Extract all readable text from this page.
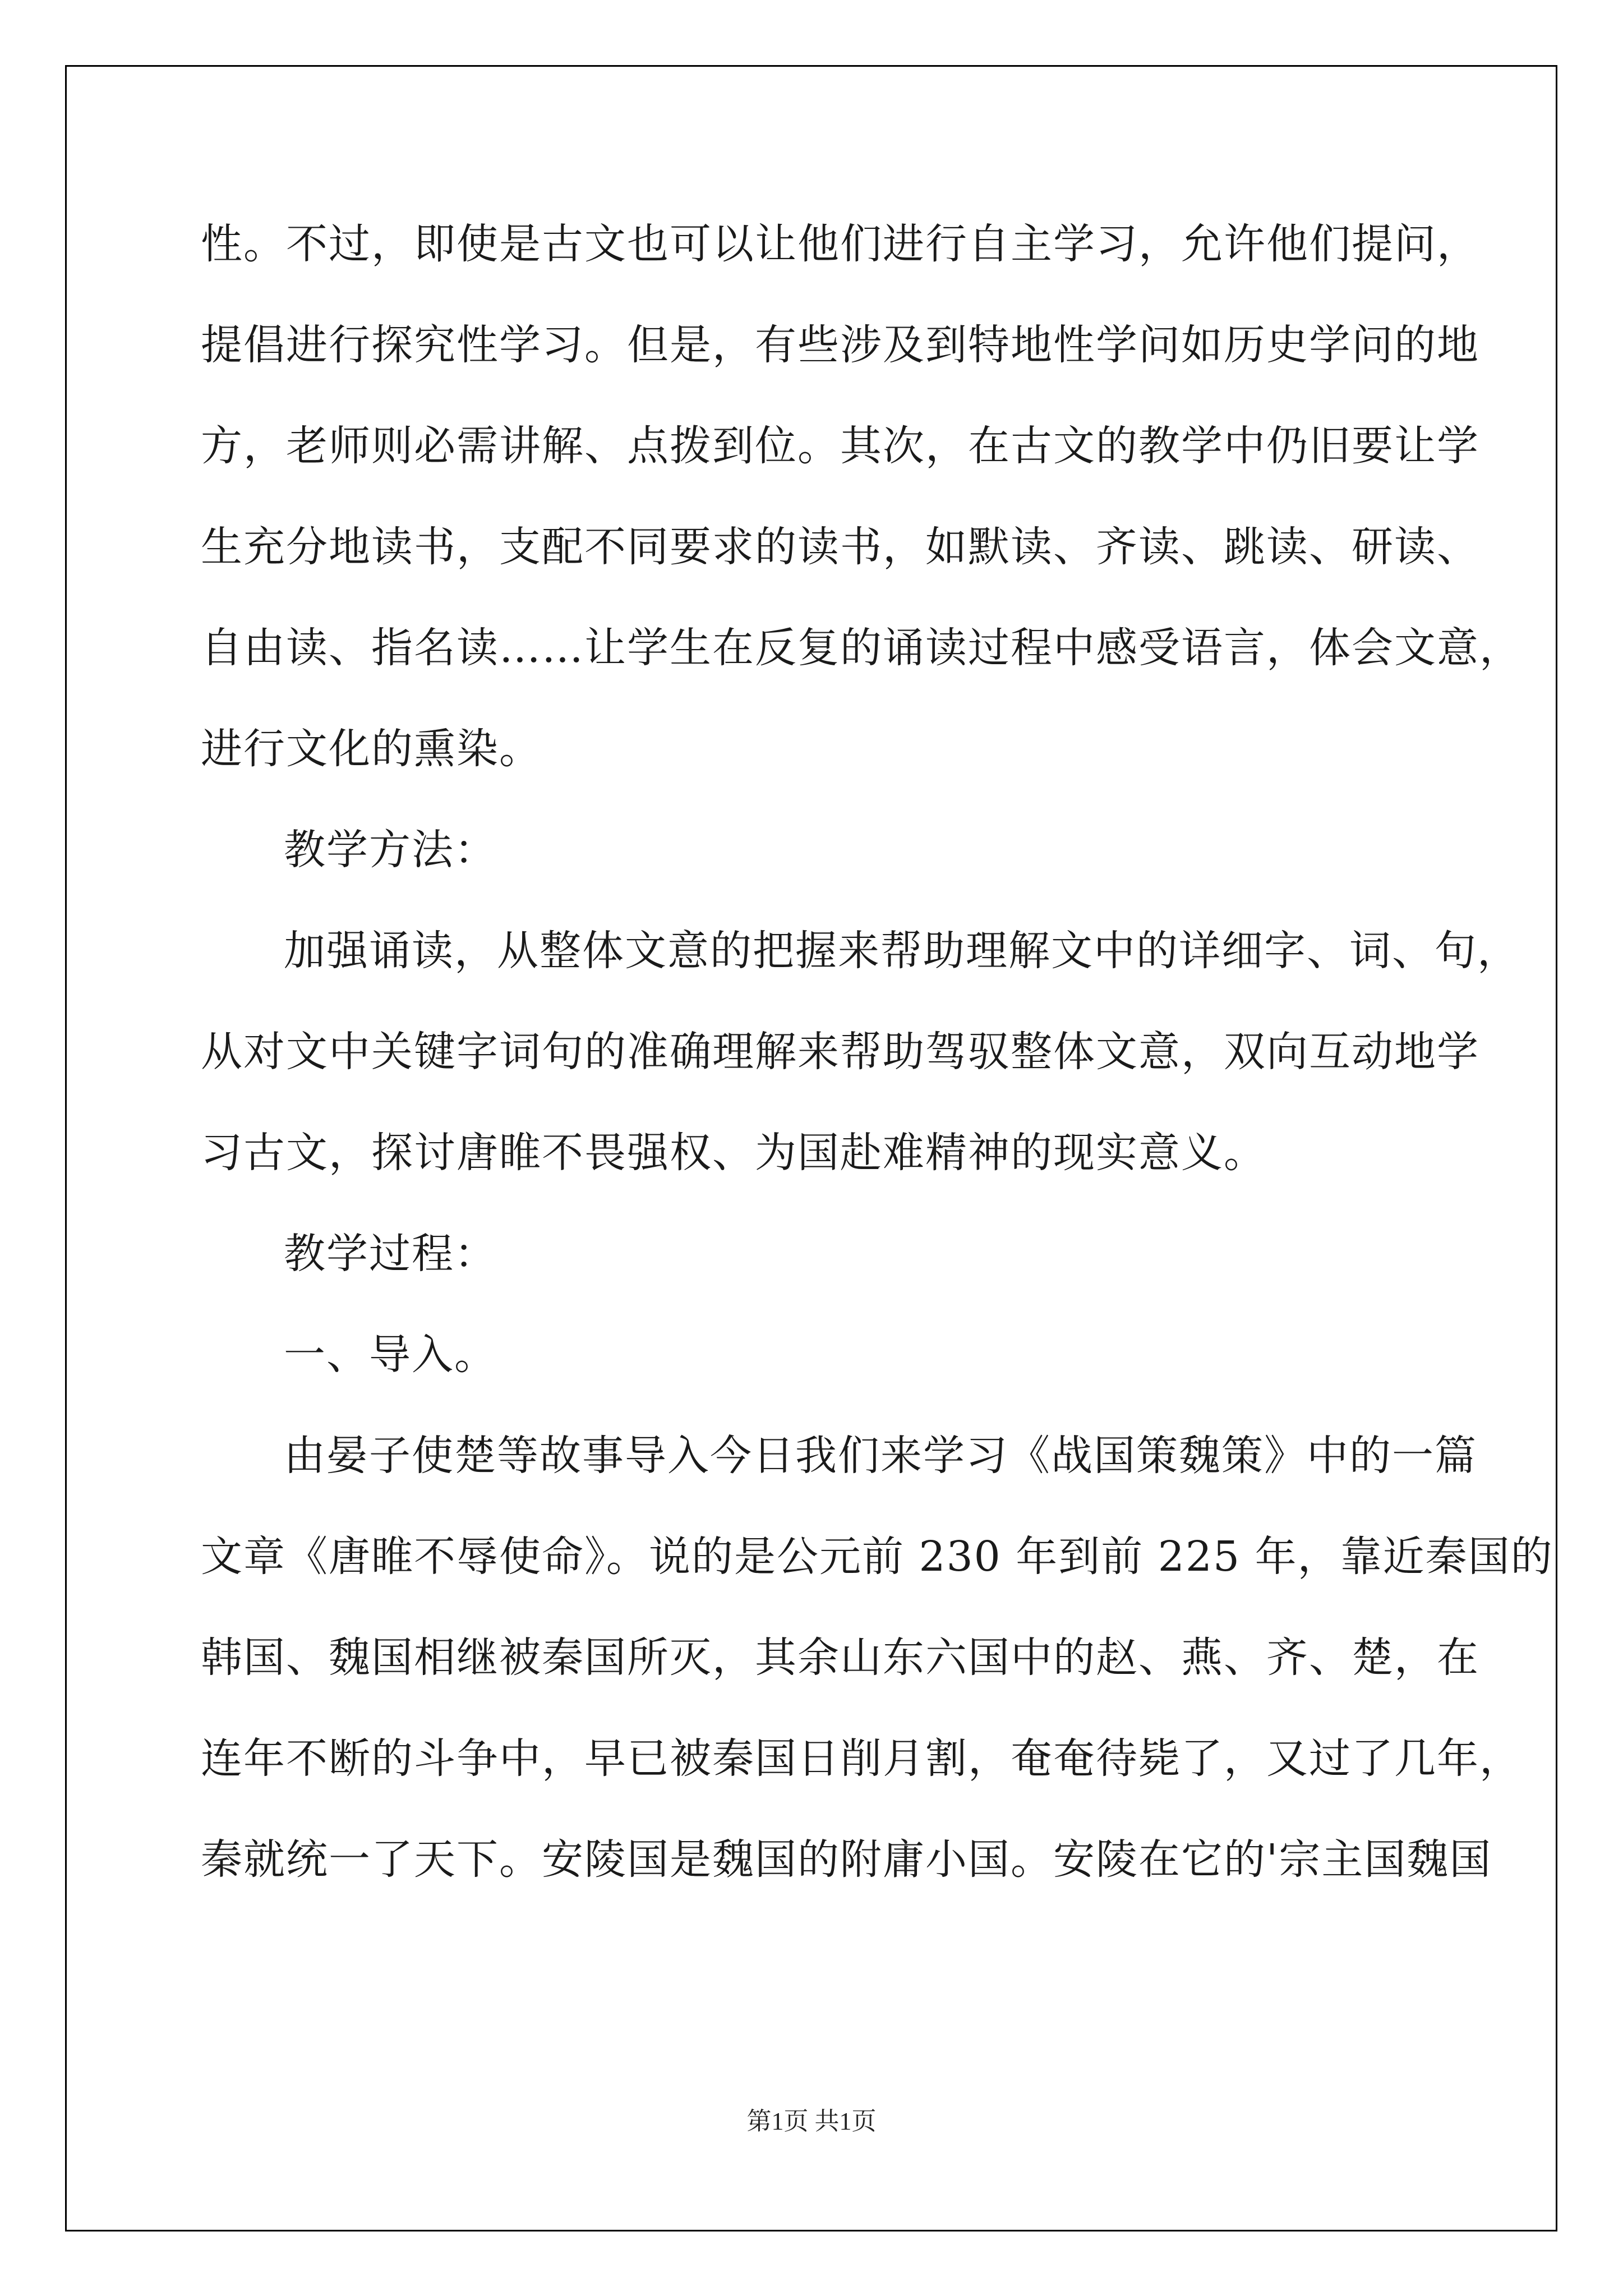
性。不过，即使是古文也可以让他们进行自主学习，允许他们提问，
提倡进行探究性学习。但是，有些涉及到特地性学问如历史学问的地
方，老师则必需讲解、点拨到位。其次，在古文的教学中仍旧要让学
生充分地读书，支配不同要求的读书，如默读、齐读、跳读、研读、
自由读、指名读……让学生在反复的诵读过程中感受语言，体会文意，
进行文化的熏染。
教学方法：
加强诵读，从整体文意的把握来帮助理解文中的详细字、词、句，
从对文中关键字词句的准确理解来帮助驾驭整体文意，双向互动地学
习古文，探讨唐睢不畏强权、为国赴难精神的现实意义。
教学过程：
一、导入。
由晏子使楚等故事导入今日我们来学习《战国策魏策》中的一篇
文章《唐睢不辱使命》。说的是公元前 230 年到前 225 年，靠近秦国的
韩国、魏国相继被秦国所灭，其余山东六国中的赵、燕、齐、楚，在
连年不断的斗争中，早已被秦国日削月割，奄奄待毙了，又过了几年，
秦就统一了天下。安陵国是魏国的附庸小国。安陵在它的'宗主国魏国
第1页 共1页
